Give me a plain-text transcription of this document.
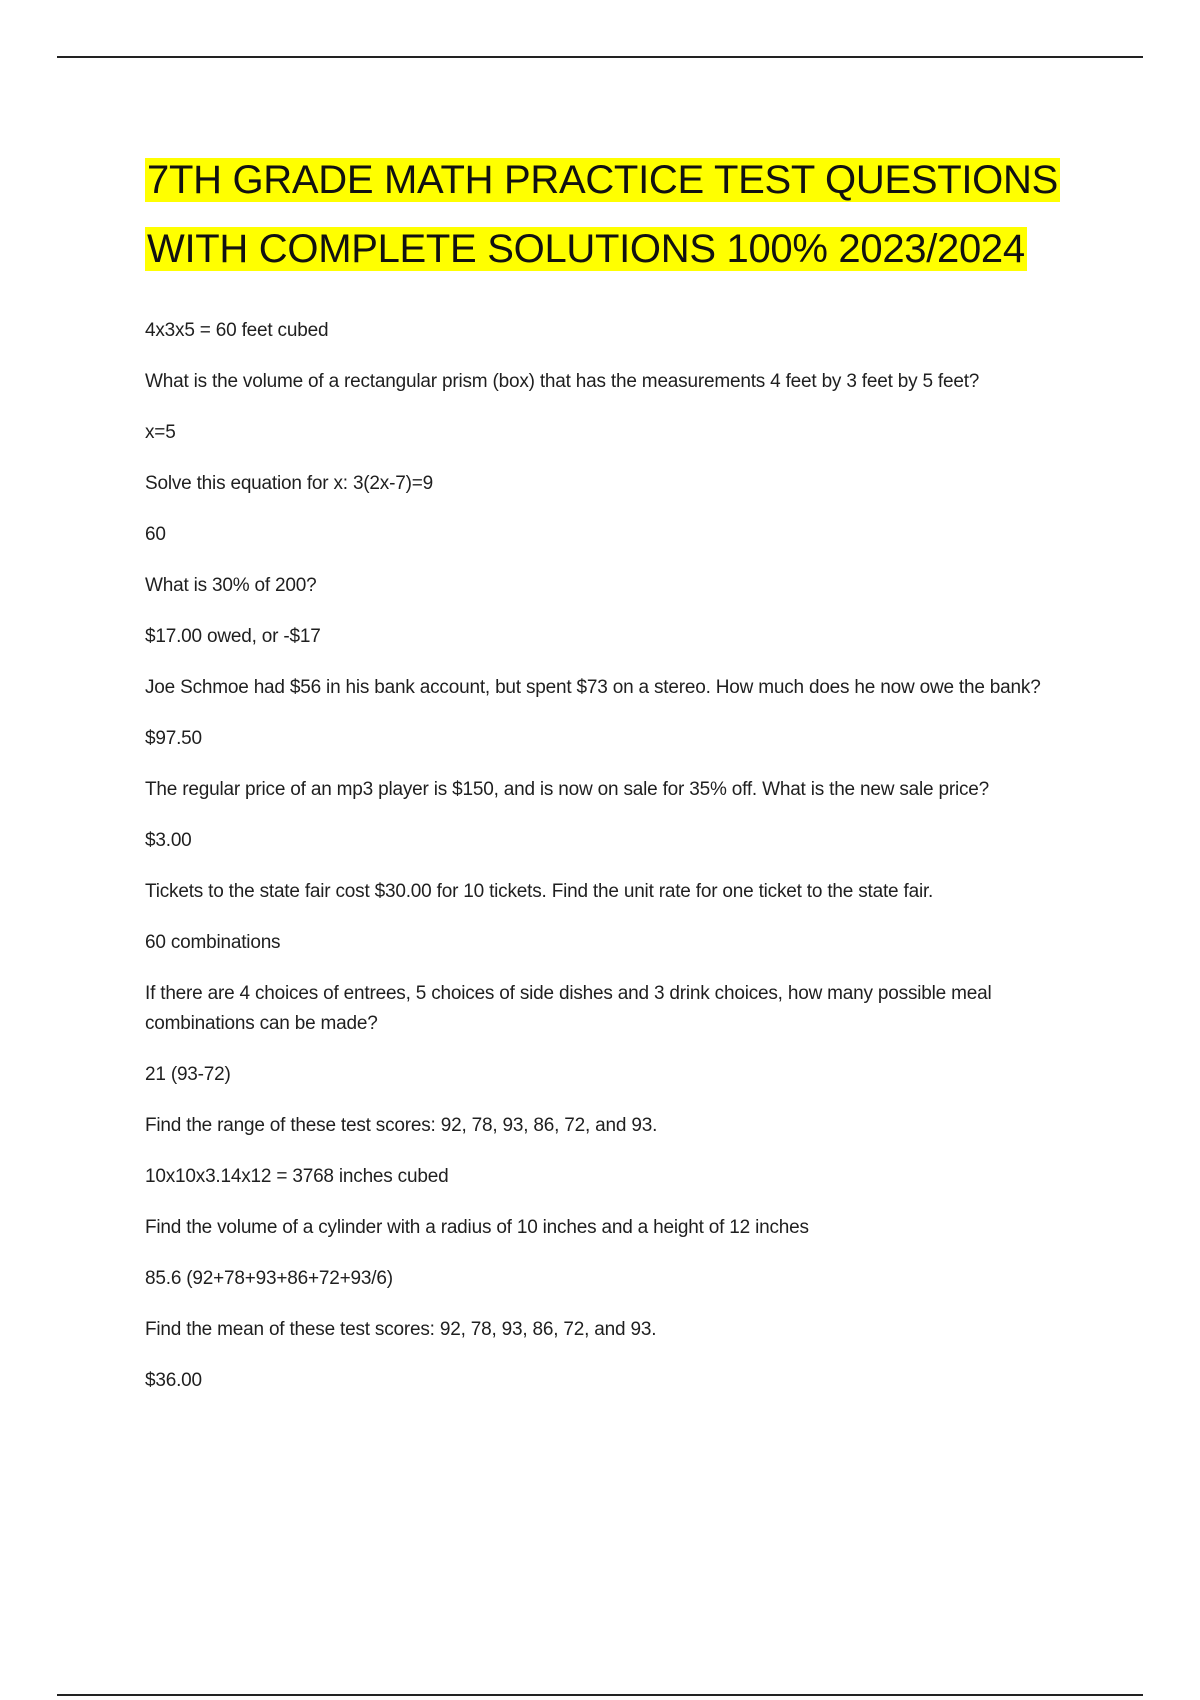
7TH GRADE MATH PRACTICE TEST QUESTIONS WITH COMPLETE SOLUTIONS 100% 2023/2024
4x3x5 = 60 feet cubed
What is the volume of a rectangular prism (box) that has the measurements 4 feet by 3 feet by 5 feet?
x=5
Solve this equation for x: 3(2x-7)=9
60
What is 30% of 200?
$17.00 owed, or -$17
Joe Schmoe had $56 in his bank account, but spent $73 on a stereo. How much does he now owe the bank?
$97.50
The regular price of an mp3 player is $150, and is now on sale for 35% off. What is the new sale price?
$3.00
Tickets to the state fair cost $30.00 for 10 tickets. Find the unit rate for one ticket to the state fair.
60 combinations
If there are 4 choices of entrees, 5 choices of side dishes and 3 drink choices, how many possible meal combinations can be made?
21 (93-72)
Find the range of these test scores: 92, 78, 93, 86, 72, and 93.
10x10x3.14x12 = 3768 inches cubed
Find the volume of a cylinder with a radius of 10 inches and a height of 12 inches
85.6 (92+78+93+86+72+93/6)
Find the mean of these test scores: 92, 78, 93, 86, 72, and 93.
$36.00
